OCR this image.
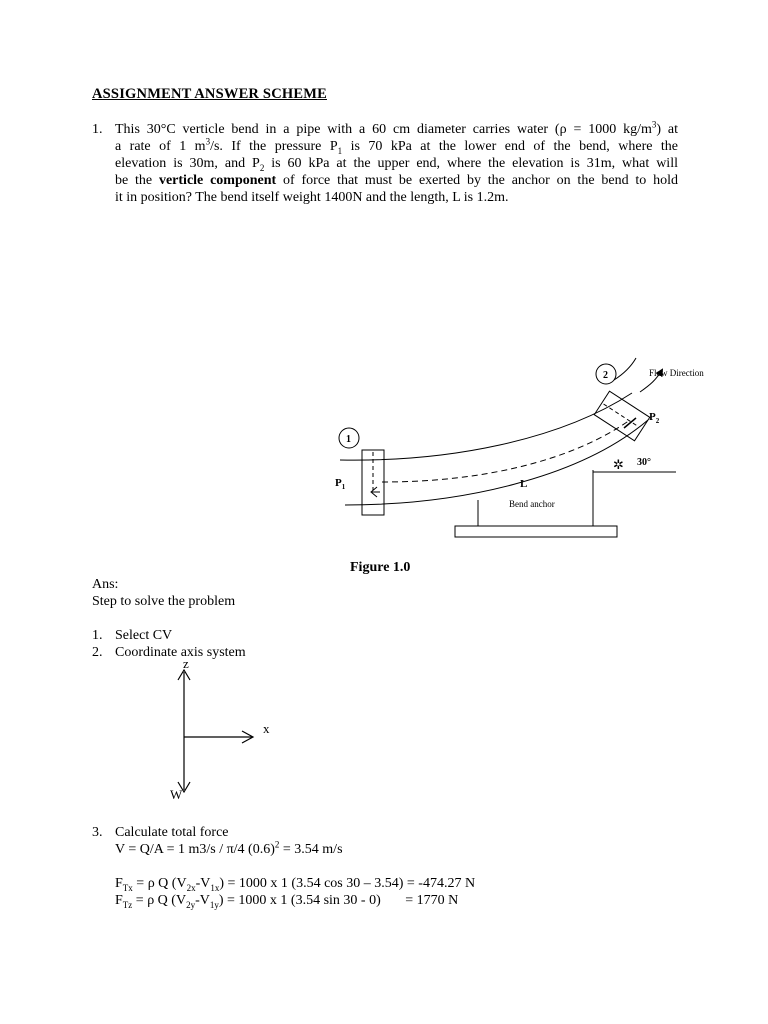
ASSIGNMENT ANSWER SCHEME
1. This 30°C verticle bend in a pipe with a 60 cm diameter carries water (ρ = 1000 $kg/m^3$) at
a rate of 1 $m^3/s$. If the pressure $P_1$ is 70 kPa at the lower end of the bend, where the
elevation is 30m, and $P_2$ is 60 kPa at the upper end, where the elevation is 31m, what will
be the verticle component of force that must be exerted by the anchor on the bend to hold
it in position? The bend itself weight 1400N and the length, L is 1.2m.
✲
1
2	Flow Direction
$P_1$
$P_2$
30°
L
Bend anchor
Figure 1.0
Ans:
Step to solve the problem
1. Select CV
2. Coordinate axis system
z
x
W
3. Calculate total force
V = Q/A = 1 m3/s / π/4 $(0.6)^2 = 3.54$ m/s
$F_{Tx} = \rho$ Q $(V_{2x}-V_{1x}) = 1000$ x 1 (3.54 cos 30 – 3.54) = -474.27 N
$F_{Tz} = \rho$ Q $(V_{2y}-V_{1y}) = 1000$ x 1 (3.54 sin 30 - 0)       = 1770 N
